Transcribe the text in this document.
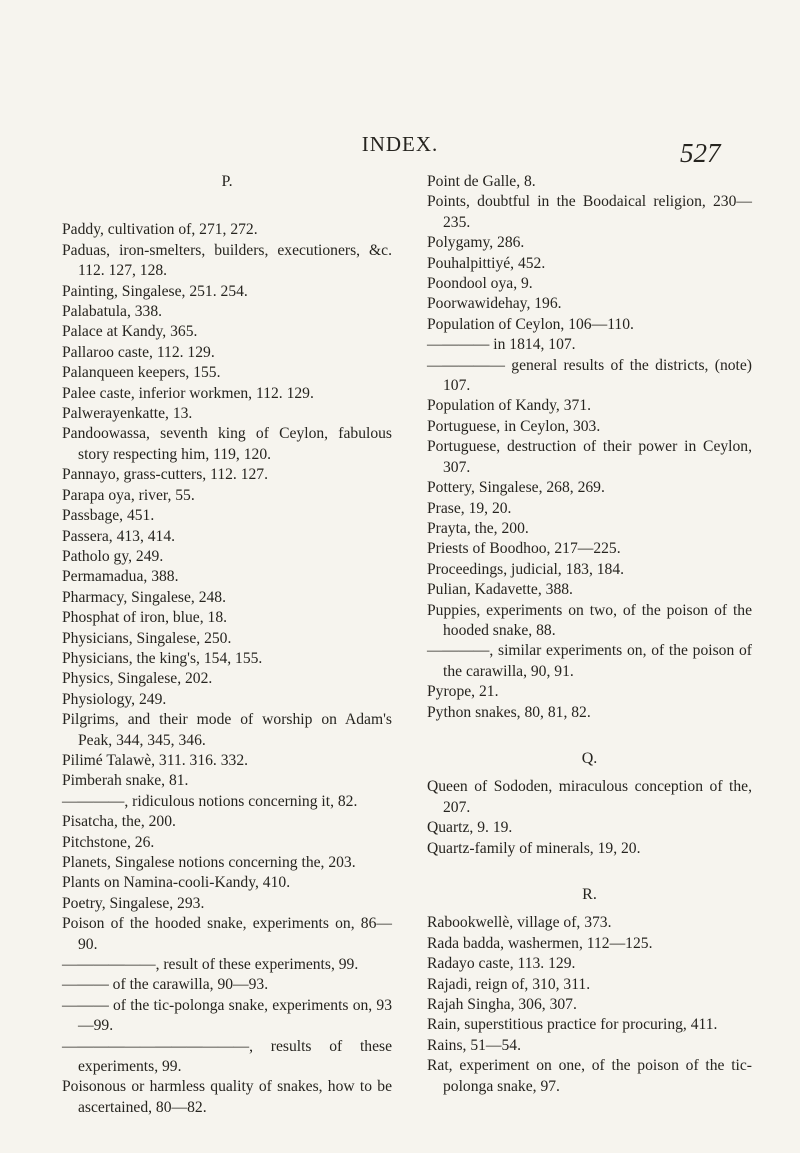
INDEX.	527

P.

Paddy, cultivation of, 271, 272.

Paduas, iron-smelters, builders, executioners, &c. 112. 127, 128.

Painting, Singalese, 251. 254.

Palabatula, 338.

Palace at Kandy, 365.

Pallaroo caste, 112. 129.

Palanqueen keepers, 155.

Palee caste, inferior workmen, 112. 129.

Palwerayenkatte, 13.

Pandoowassa, seventh king of Ceylon, fabulous story respecting him, 119, 120.

Pannayo, grass-cutters, 112. 127.

Parapa oya, river, 55.

Passbage, 451.

Passera, 413, 414.

Patholo gy, 249.

Permamadua, 388.

Pharmacy, Singalese, 248.

Phosphat of iron, blue, 18.

Physicians, Singalese, 250.

Physicians, the king's, 154, 155.

Physics, Singalese, 202.

Physiology, 249.

Pilgrims, and their mode of worship on Adam's Peak, 344, 345, 346.

Pilimé Talawè, 311. 316. 332.

Pimberah snake, 81.

————, ridiculous notions concerning it, 82.

Pisatcha, the, 200.

Pitchstone, 26.

Planets, Singalese notions concerning the, 203.

Plants on Namina-cooli-Kandy, 410.

Poetry, Singalese, 293.

Poison of the hooded snake, experiments on, 86—90.

——————, result of these experiments, 99.

——— of the carawilla, 90—93.

——— of the tic-polonga snake, experiments on, 93—99.

————————————, results of these experiments, 99.

Poisonous or harmless quality of snakes, how to be ascertained, 80—82.

Point de Galle, 8.

Points, doubtful in the Boodaical religion, 230—235.

Polygamy, 286.

Pouhalpittiyé, 452.

Poondool oya, 9.

Poorwawidehay, 196.

Population of Ceylon, 106—110.

———— in 1814, 107.

————— general results of the districts, (note) 107.

Population of Kandy, 371.

Portuguese, in Ceylon, 303.

Portuguese, destruction of their power in Ceylon, 307.

Pottery, Singalese, 268, 269.

Prase, 19, 20.

Prayta, the, 200.

Priests of Boodhoo, 217—225.

Proceedings, judicial, 183, 184.

Pulian, Kadavette, 388.

Puppies, experiments on two, of the poison of the hooded snake, 88.

————, similar experiments on, of the poison of the carawilla, 90, 91.

Pyrope, 21.

Python snakes, 80, 81, 82.

Q.

Queen of Sododen, miraculous conception of the, 207.

Quartz, 9. 19.

Quartz-family of minerals, 19, 20.

R.

Rabookwellè, village of, 373.

Rada badda, washermen, 112—125.

Radayo caste, 113. 129.

Rajadi, reign of, 310, 311.

Rajah Singha, 306, 307.

Rain, superstitious practice for procuring, 411.

Rains, 51—54.

Rat, experiment on one, of the poison of the tic-polonga snake, 97.
